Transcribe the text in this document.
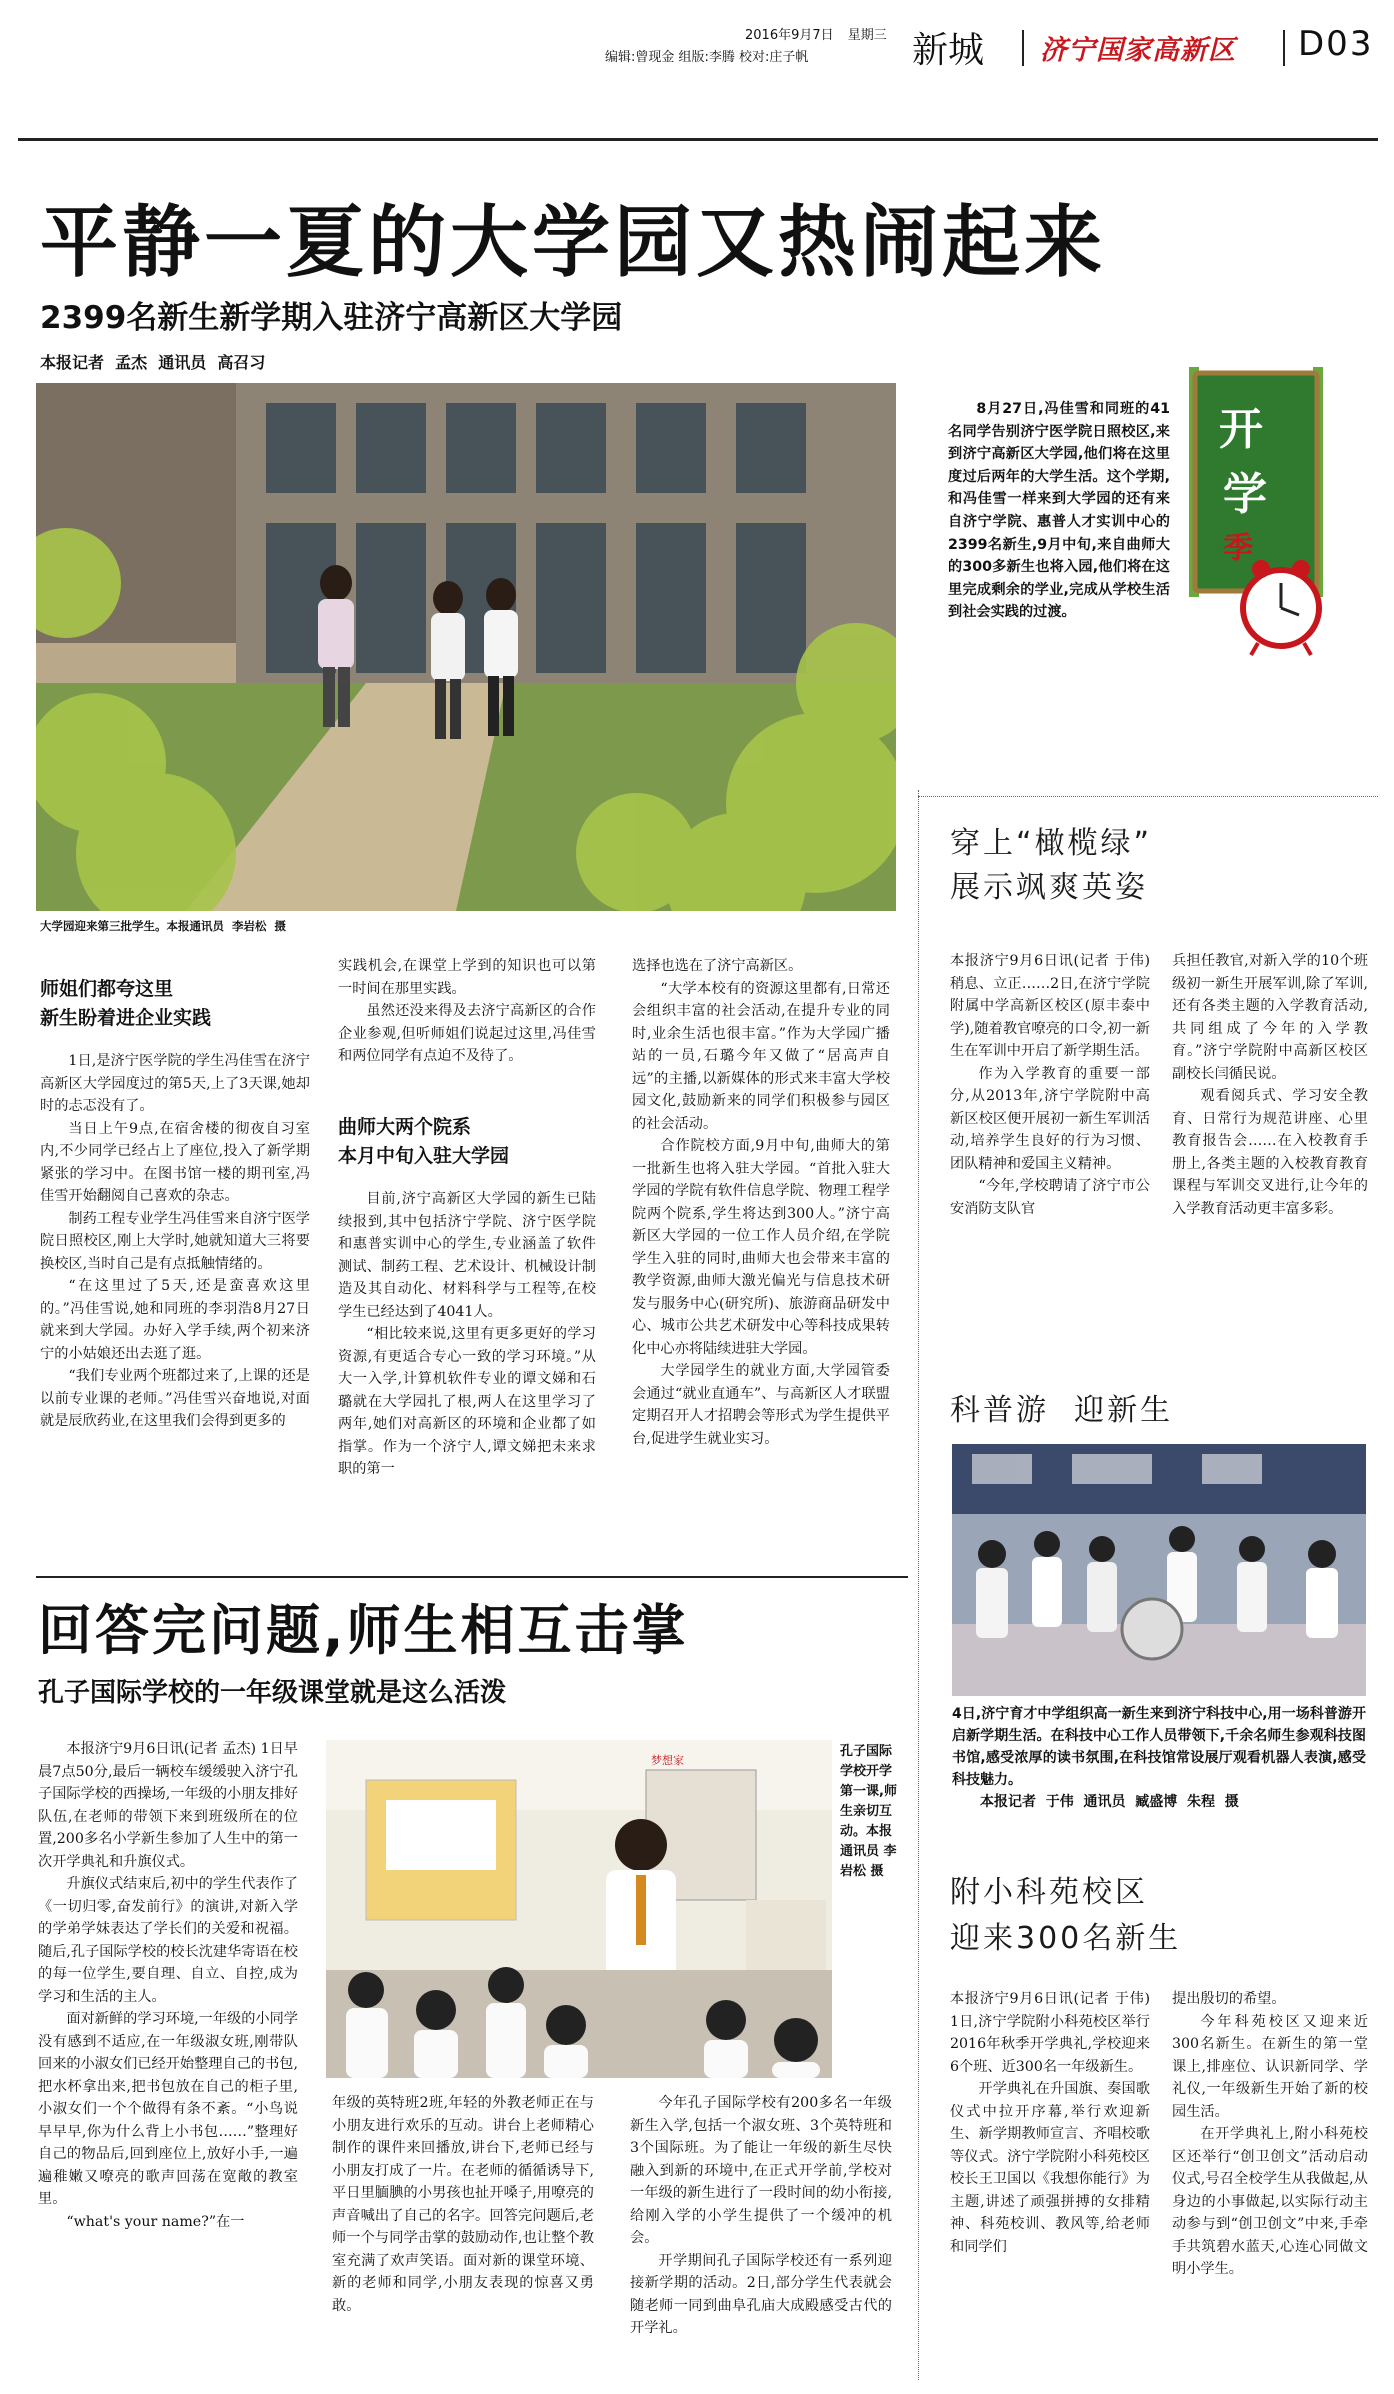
2016年9月7日 星期三
编辑:曾现金 组版:李腾 校对:庄子帆	新城 济宁国家高新区 D03
平静一夏的大学园又热闹起来
2399名新生新学期入驻济宁高新区大学园
本报记者  孟杰  通讯员  高召习
大学园迎来第三批学生。本报通讯员  李岩松  摄
开
学
季

8月27日,冯佳雪和同班的41名同学告别济宁医学院日照校区,来到济宁高新区大学园,他们将在这里度过后两年的大学生活。这个学期,和冯佳雪一样来到大学园的还有来自济宁学院、惠普人才实训中心的2399名新生,9月中旬,来自曲师大的300多新生也将入园,他们将在这里完成剩余的学业,完成从学校生活到社会实践的过渡。

师姐们都夸这里
新生盼着进企业实践

1日,是济宁医学院的学生冯佳雪在济宁高新区大学园度过的第5天,上了3天课,她却时的忐忑没有了。

当日上午9点,在宿舍楼的彻夜自习室内,不少同学已经占上了座位,投入了新学期紧张的学习中。在图书馆一楼的期刊室,冯佳雪开始翻阅自己喜欢的杂志。

制药工程专业学生冯佳雪来自济宁医学院日照校区,刚上大学时,她就知道大三将要换校区,当时自己是有点抵触情绪的。

“在这里过了5天,还是蛮喜欢这里的。”冯佳雪说,她和同班的李羽浩8月27日就来到大学园。办好入学手续,两个初来济宁的小姑娘还出去逛了逛。

“我们专业两个班都过来了,上课的还是以前专业课的老师。”冯佳雪兴奋地说,对面就是辰欣药业,在这里我们会得到更多的

实践机会,在课堂上学到的知识也可以第一时间在那里实践。

虽然还没来得及去济宁高新区的合作企业参观,但听师姐们说起过这里,冯佳雪和两位同学有点迫不及待了。

曲师大两个院系
本月中旬入驻大学园

目前,济宁高新区大学园的新生已陆续报到,其中包括济宁学院、济宁医学院和惠普实训中心的学生,专业涵盖了软件测试、制药工程、艺术设计、机械设计制造及其自动化、材料科学与工程等,在校学生已经达到了4041人。

“相比较来说,这里有更多更好的学习资源,有更适合专心一致的学习环境。”从大一入学,计算机软件专业的谭文娣和石璐就在大学园扎了根,两人在这里学习了两年,她们对高新区的环境和企业都了如指掌。作为一个济宁人,谭文娣把未来求职的第一

选择也选在了济宁高新区。

“大学本校有的资源这里都有,日常还会组织丰富的社会活动,在提升专业的同时,业余生活也很丰富。”作为大学园广播站的一员,石璐今年又做了“居高声自远”的主播,以新媒体的形式来丰富大学校园文化,鼓励新来的同学们积极参与园区的社会活动。

合作院校方面,9月中旬,曲师大的第一批新生也将入驻大学园。“首批入驻大学园的学院有软件信息学院、物理工程学院两个院系,学生将达到300人。”济宁高新区大学园的一位工作人员介绍,在学院学生入驻的同时,曲师大也会带来丰富的教学资源,曲师大激光偏光与信息技术研发与服务中心(研究所)、旅游商品研发中心、城市公共艺术研发中心等科技成果转化中心亦将陆续进驻大学园。

大学园学生的就业方面,大学园管委会通过“就业直通车”、与高新区人才联盟定期召开人才招聘会等形式为学生提供平台,促进学生就业实习。

穿上“橄榄绿”
展示飒爽英姿

本报济宁9月6日讯(记者 于伟) 稍息、立正……2日,在济宁学院附属中学高新区校区(原丰泰中学),随着教官嘹亮的口令,初一新生在军训中开启了新学期生活。

作为入学教育的重要一部分,从2013年,济宁学院附中高新区校区便开展初一新生军训活动,培养学生良好的行为习惯、团队精神和爱国主义精神。

“今年,学校聘请了济宁市公安消防支队官

兵担任教官,对新入学的10个班级初一新生开展军训,除了军训,还有各类主题的入学教育活动,共同组成了今年的入学教育。”济宁学院附中高新区校区副校长闫循民说。

观看阅兵式、学习安全教育、日常行为规范讲座、心里教育报告会……在入校教育手册上,各类主题的入校教育教育课程与军训交叉进行,让今年的入学教育活动更丰富多彩。

科普游  迎新生

4日,济宁育才中学组织高一新生来到济宁科技中心,用一场科普游开启新学期生活。在科技中心工作人员带领下,千余名师生参观科技图书馆,感受浓厚的读书氛围,在科技馆常设展厅观看机器人表演,感受科技魅力。

本报记者  于伟  通讯员  臧盛博  朱程  摄

附小科苑校区
迎来300名新生

本报济宁9月6日讯(记者 于伟) 1日,济宁学院附小科苑校区举行2016年秋季开学典礼,学校迎来6个班、近300名一年级新生。

开学典礼在升国旗、奏国歌仪式中拉开序幕,举行欢迎新生、新学期教师宣言、齐唱校歌等仪式。济宁学院附小科苑校区校长王卫国以《我想你能行》为主题,讲述了顽强拼搏的女排精神、科苑校训、教风等,给老师和同学们

提出殷切的希望。

今年科苑校区又迎来近300名新生。在新生的第一堂课上,排座位、认识新同学、学礼仪,一年级新生开始了新的校园生活。

在开学典礼上,附小科苑校区还举行“创卫创文”活动启动仪式,号召全校学生从我做起,从身边的小事做起,以实际行动主动参与到“创卫创文”中来,手牵手共筑碧水蓝天,心连心同做文明小学生。

回答完问题,师生相互击掌
孔子国际学校的一年级课堂就是这么活泼

本报济宁9月6日讯(记者 孟杰) 1日早晨7点50分,最后一辆校车缓缓驶入济宁孔子国际学校的西操场,一年级的小朋友排好队伍,在老师的带领下来到班级所在的位置,200多名小学新生参加了人生中的第一次开学典礼和升旗仪式。

升旗仪式结束后,初中的学生代表作了《一切归零,奋发前行》的演讲,对新入学的学弟学妹表达了学长们的关爱和祝福。随后,孔子国际学校的校长沈建华寄语在校的每一位学生,要自理、自立、自控,成为学习和生活的主人。

面对新鲜的学习环境,一年级的小同学没有感到不适应,在一年级淑女班,刚带队回来的小淑女们已经开始整理自己的书包,把水杯拿出来,把书包放在自己的柜子里,小淑女们一个个做得有条不紊。“小鸟说早早早,你为什么背上小书包……”整理好自己的物品后,回到座位上,放好小手,一遍遍稚嫩又嘹亮的歌声回荡在宽敞的教室里。

“what's your name?”在一

梦想家
孔子国际学校开学第一课,师生亲切互动。本报通讯员 李岩松 摄

年级的英特班2班,年轻的外教老师正在与小朋友进行欢乐的互动。讲台上老师精心制作的课件来回播放,讲台下,老师已经与小朋友打成了一片。在老师的循循诱导下,平日里腼腆的小男孩也扯开嗓子,用嘹亮的声音喊出了自己的名字。回答完问题后,老师一个与同学击掌的鼓励动作,也让整个教室充满了欢声笑语。面对新的课堂环境、新的老师和同学,小朋友表现的惊喜又勇敢。

今年孔子国际学校有200多名一年级新生入学,包括一个淑女班、3个英特班和3个国际班。为了能让一年级的新生尽快融入到新的环境中,在正式开学前,学校对一年级的新生进行了一段时间的幼小衔接,给刚入学的小学生提供了一个缓冲的机会。

开学期间孔子国际学校还有一系列迎接新学期的活动。2日,部分学生代表就会随老师一同到曲阜孔庙大成殿感受古代的开学礼。
